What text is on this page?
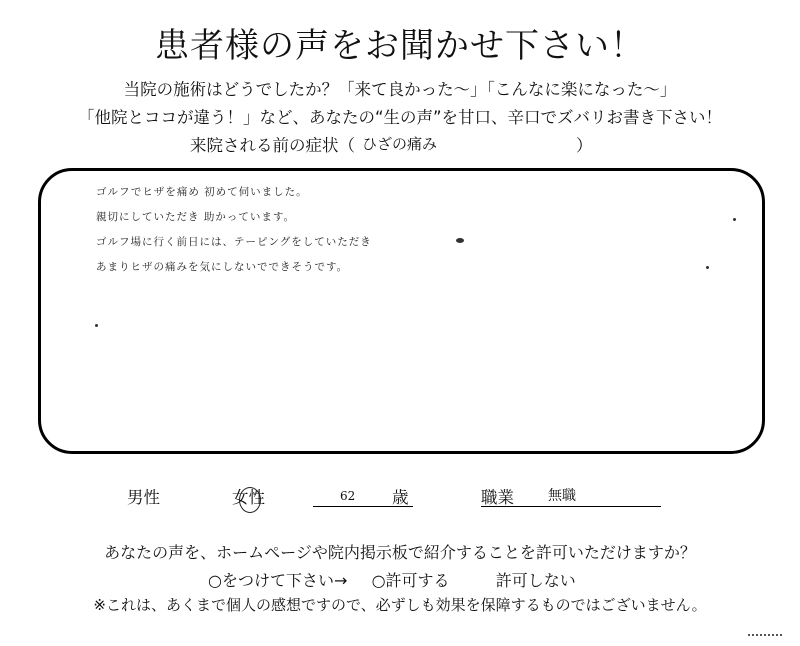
患者様の声をお聞かせ下さい！
当院の施術はどうでしたか？「来て良かった～」「こんなに楽になった～」
「他院とココが違う！」など、あなたの“生の声”を甘口、辛口でズバリお書き下さい！
来院される前の症状（ ひざの痛み	）
ゴルフでヒザを痛め 初めて伺いました。
親切にしていただき 助かっています。
ゴルフ場に行く前日には、テーピングをしていただき
あまりヒザの痛みを気にしないでできそうです。
男性	女性	62 歳	職業 無職
あなたの声を、ホームページや院内掲示板で紹介することを許可いただけますか？
○をつけて下さい→ ○許可する	許可しない
※これは、あくまで個人の感想ですので、必ずしも効果を保障するものではございません。
